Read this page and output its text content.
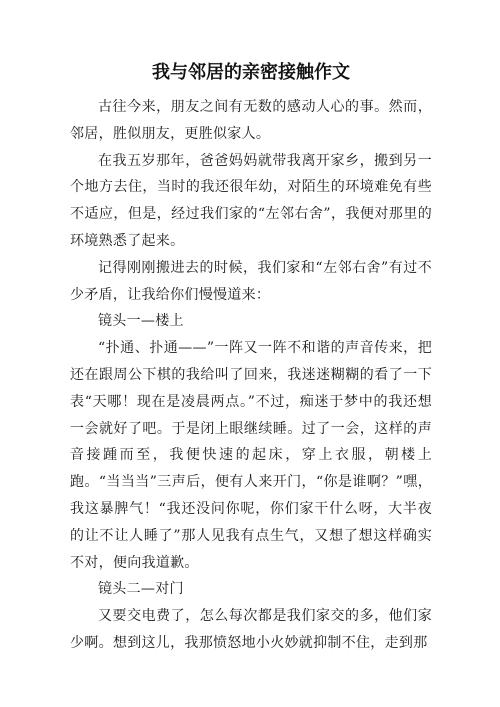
我与邻居的亲密接触作文

古往今来，朋友之间有无数的感动人心的事。然而，邻居，胜似朋友，更胜似家人。

在我五岁那年，爸爸妈妈就带我离开家乡，搬到另一个地方去住，当时的我还很年幼，对陌生的环境难免有些不适应，但是，经过我们家的“左邻右舍”，我便对那里的环境熟悉了起来。

记得刚刚搬进去的时候，我们家和“左邻右舍”有过不少矛盾，让我给你们慢慢道来：

镜头一—楼上

“扑通、扑通——”一阵又一阵不和谐的声音传来，把还在跟周公下棋的我给叫了回来，我迷迷糊糊的看了一下表“天哪！现在是凌晨两点。”不过，痴迷于梦中的我还想一会就好了吧。于是闭上眼继续睡。过了一会，这样的声音接踵而至，我便快速的起床，穿上衣服，朝楼上跑。“当当当”三声后，便有人来开门，“你是谁啊？”嘿，我这暴脾气！“我还没问你呢，你们家干什么呀，大半夜的让不让人睡了”那人见我有点生气，又想了想这样确实不对，便向我道歉。

镜头二—对门

又要交电费了，怎么每次都是我们家交的多，他们家少啊。想到这儿，我那愤怒地小火妙就抑制不住，走到那
